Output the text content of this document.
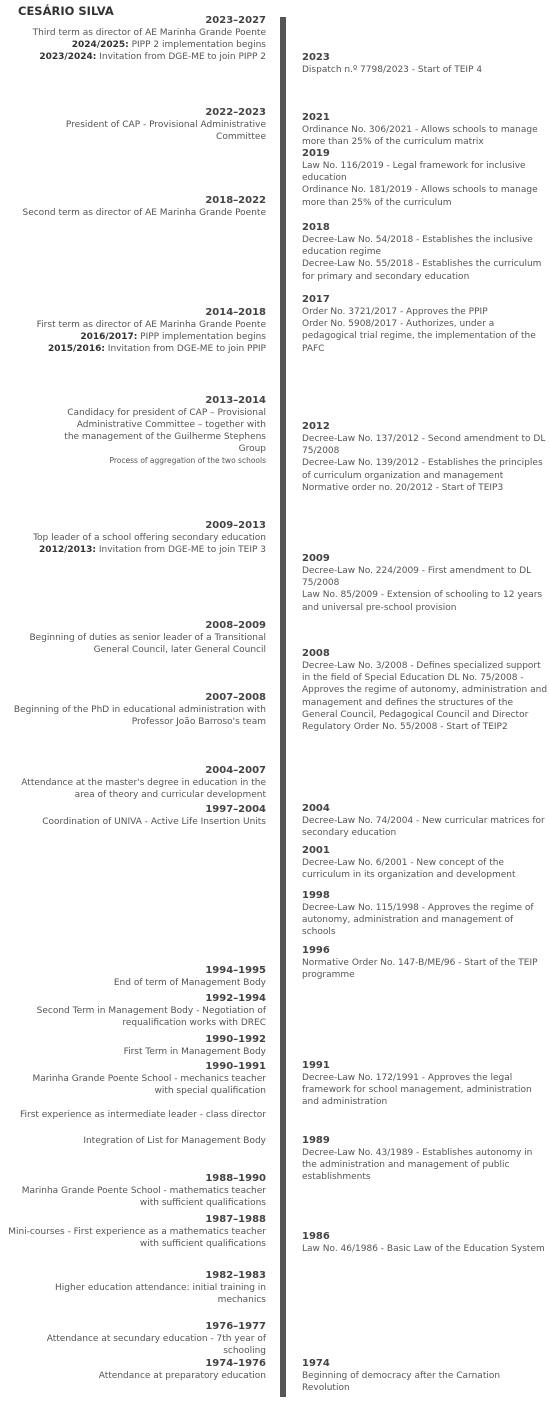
CESÁRIO SILVA
2023–2027
Third term as director of AE Marinha Grande Poente
2024/2025: PIPP 2 implementation begins
2023/2024: Invitation from DGE-ME to join PIPP 2
2022–2023
President of CAP - Provisional Administrative Committee
2018–2022
Second term as director of AE Marinha Grande Poente
2014–2018
First term as director of AE Marinha Grande Poente
2016/2017: PIPP implementation begins
2015/2016: Invitation from DGE-ME to join PPIP
2013–2014
Candidacy for president of CAP – Provisional Administrative Committee – together with the management of the Guilherme Stephens Group
Process of aggregation of the two schools
2009–2013
Top leader of a school offering secondary education
2012/2013: Invitation from DGE-ME to join TEIP 3
2008–2009
Beginning of duties as senior leader of a Transitional General Council, later General Council
2007–2008
Beginning of the PhD in educational administration with Professor João Barroso's team
2004–2007
Attendance at the master's degree in education in the area of theory and curricular development
1997–2004
Coordination of UNIVA - Active Life Insertion Units
1994–1995
End of term of Management Body
1992–1994
Second Term in Management Body - Negotiation of requalification works with DREC
1990–1992
First Term in Management Body
1990–1991
Marinha Grande Poente School - mechanics teacher with special qualification
First experience as intermediate leader - class director
Integration of List for Management Body
1988–1990
Marinha Grande Poente School - mathematics teacher with sufficient qualifications
1987–1988
Mini-courses - First experience as a mathematics teacher with sufficient qualifications
1982–1983
Higher education attendance: initial training in mechanics
1976–1977
Attendance at secundary education - 7th year of schooling
1974–1976
Attendance at preparatory education
2023
Dispatch n.º 7798/2023 - Start of TEIP 4
2021
Ordinance No. 306/2021 - Allows schools to manage more than 25% of the curriculum matrix
2019
Law No. 116/2019 - Legal framework for inclusive education
Ordinance No. 181/2019 - Allows schools to manage more than 25% of the curriculum
2018
Decree-Law No. 54/2018 - Establishes the inclusive education regime
Decree-Law No. 55/2018 - Establishes the curriculum for primary and secondary education
2017
Order No. 3721/2017 - Approves the PPIP
Order No. 5908/2017 - Authorizes, under a pedagogical trial regime, the implementation of the PAFC
2012
Decree-Law No. 137/2012 - Second amendment to DL 75/2008
Decree-Law No. 139/2012 - Establishes the principles of curriculum organization and management
Normative order no. 20/2012 - Start of TEIP3
2009
Decree-Law No. 224/2009 - First amendment to DL 75/2008
Law No. 85/2009 - Extension of schooling to 12 years and universal pre-school provision
2008
Decree-Law No. 3/2008 - Defines specialized support in the field of Special Education DL No. 75/2008 - Approves the regime of autonomy, administration and management and defines the structures of the General Council, Pedagogical Council and Director Regulatory Order No. 55/2008 - Start of TEIP2
2004
Decree-Law No. 74/2004 - New curricular matrices for secondary education
2001
Decree-Law No. 6/2001 - New concept of the curriculum in its organization and development
1998
Decree-Law No. 115/1998 - Approves the regime of autonomy, administration and management of schools
1996
Normative Order No. 147-B/ME/96 - Start of the TEIP programme
1991
Decree-Law No. 172/1991 - Approves the legal framework for school management, administration and administration
1989
Decree-Law No. 43/1989 - Establishes autonomy in the administration and management of public establishments
1986
Law No. 46/1986 - Basic Law of the Education System
1974
Beginning of democracy after the Carnation Revolution
